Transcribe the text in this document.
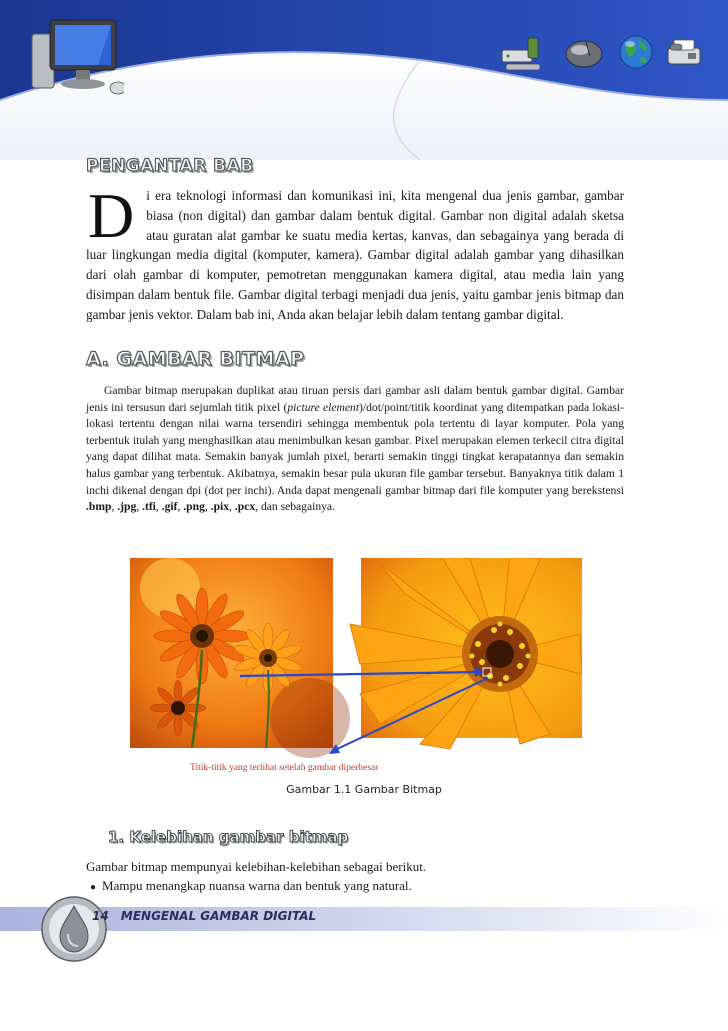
PENGANTAR BAB
D i era teknologi informasi dan komunikasi ini, kita mengenal dua jenis gambar, gambar biasa (non digital) dan gambar dalam bentuk digital. Gambar non digital adalah sketsa atau guratan alat gambar ke suatu media kertas, kanvas, dan sebagainya yang berada di luar lingkungan media digital (komputer, kamera). Gambar digital adalah gambar yang dihasilkan dari olah gambar di komputer, pemotretan menggunakan kamera digital, atau media lain yang disimpan dalam bentuk file. Gambar digital terbagi menjadi dua jenis, yaitu gambar jenis bitmap dan gambar jenis vektor. Dalam bab ini, Anda akan belajar lebih dalam tentang gambar digital.

A. GAMBAR BITMAP

Gambar bitmap merupakan duplikat atau tiruan persis dari gambar asli dalam bentuk gambar digital. Gambar jenis ini tersusun dari sejumlah titik pixel (picture element)/dot/point/titik koordinat yang ditempatkan pada lokasi-lokasi tertentu dengan nilai warna tersendiri sehingga membentuk pola tertentu di layar komputer. Pola yang terbentuk itulah yang menghasilkan atau menimbulkan kesan gambar. Pixel merupakan elemen terkecil citra digital yang dapat dilihat mata. Semakin banyak jumlah pixel, berarti semakin tinggi tingkat kerapatannya dan semakin halus gambar yang terbentuk. Akibatnya, semakin besar pula ukuran file gambar tersebut. Banyaknya titik dalam 1 inchi dikenal dengan dpi (dot per inchi). Anda dapat mengenali gambar bitmap dari file komputer yang berekstensi .bmp, .jpg, .tfi, .gif, .png, .pix, .pcx, dan sebagainya.

Titik-titik yang terlihat setelah gambar diperbesar
Gambar 1.1 Gambar Bitmap
1. Kelebihan gambar bitmap

Gambar bitmap mempunyai kelebihan-kelebihan sebagai berikut.

● Mampu menangkap nuansa warna dan bentuk yang natural.
14 MENGENAL GAMBAR DIGITAL
